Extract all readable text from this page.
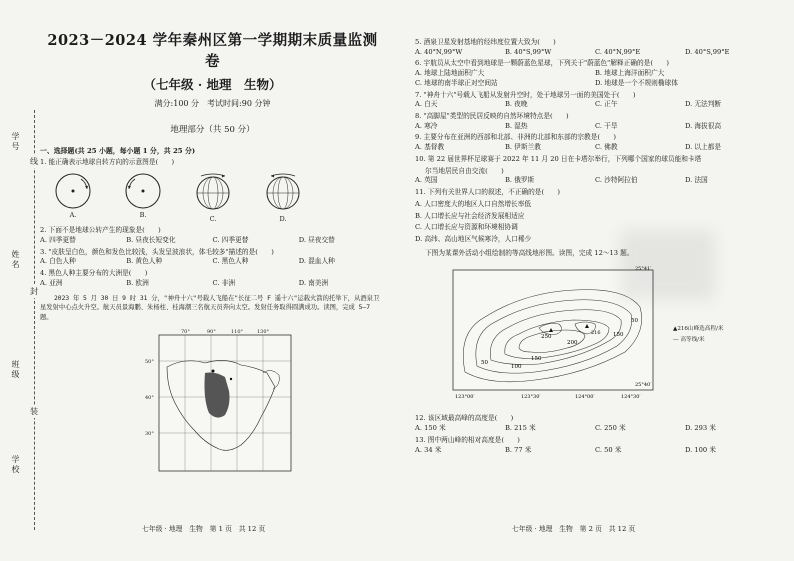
学号
姓名
班级
学校
线
封
装
2023－2024 学年秦州区第一学期期末质量监测卷
（七年级 · 地理　生物）
满分:100 分　考试时间:90 分钟
地理部分（共 50 分）
一、选择题(共 25 小题，每小题 1 分，共 25 分)
1. 能正确表示地球自转方向的示意图是(　　)
A.	B.	C.	D.
2. 下面不是地球公转产生的现象是(　　)
A. 四季更替	B. 昼夜长短变化	C. 四季更替	D. 昼夜交替
3. "皮肤呈白色，颜色和发色比较浅，头发呈波浪状，体毛较多"描述的是(　　)
A. 白色人种	B. 黄色人种	C. 黑色人种	D. 混血人种
4. 黑色人种主要分布的大洲是(　　)
A. 亚洲	B. 欧洲	C. 非洲	D. 南美洲
2023 年 5 月 30 日 9 时 31 分，"神舟十六"号载人飞船在"长征二号 F 遥十六"运载火箭的托举下，从酒泉卫星发射中心点火升空。航天员景海鹏、朱杨柱、桂海潮三名航天员奔向太空。发射任务取得圆满成功。读图，完成 5—7 题。
70°	90°	110°	130°
50°
40°
30°
七年级 · 地理　生物　第 1 页　共 12 页
5. 酒泉卫星发射基地的经纬度位置大致为(　　)
A. 40°N,99°W	B. 40°S,99°W	C. 40°N,99°E	D. 40°S,99°E
6. 宇航员从太空中看到地球是一颗蔚蓝色星球，下列关于"蔚蓝色"解释正确的是(　　)
A. 地球上陆地面积广大	B. 地球上海洋面积广大
C. 地球的南半球正对空间站	D. 地球是一个不规则椭球体
7. "神舟十六"号载人飞船从发射升空时，处于地球另一面的美国处于(　　)
A. 白天	B. 夜晚	C. 正午	D. 无法判断
8. "高脚屋"类型的民居反映的自然环境特点是(　　)
A. 寒冷	B. 湿热	C. 干旱	D. 海拔很高
9. 主要分布在亚洲的西部和北部、非洲的北部和东部的宗教是(　　)
A. 基督教	B. 伊斯兰教	C. 佛教	D. 以上都是
10. 第 22 届世界杯足球赛于 2022 年 11 月 20 日在卡塔尔举行，下列哪个国家的球员能和卡塔
尔当地居民自由交流(　　)
A. 英国	B. 俄罗斯	C. 沙特阿拉伯	D. 法国
11. 下列有关世界人口的叙述，不正确的是(　　)
A. 人口密度大的地区人口自然增长率低
B. 人口增长应与社会经济发展相适应
C. 人口增长应与资源和环境相协调
D. 高纬、高山地区气候寒冷，人口稀少
下图为某课外活动小组绘制的等高线地形图。读图，完成 12～13 题。
250
200
150
150
50
100
50
216
123°00′	123°30′	124°00′	124°30′
25°41′
25°40′
▲216山峰选高程/米
— 高等线/米
12. 该区域最高峰的高度是(　　)
A. 150 米	B. 215 米	C. 250 米	D. 293 米
13. 图中两山峰的相对高度是(　　)
A. 34 米	B. 77 米	C. 50 米	D. 100 米
七年级 · 地理　生物　第 2 页　共 12 页
